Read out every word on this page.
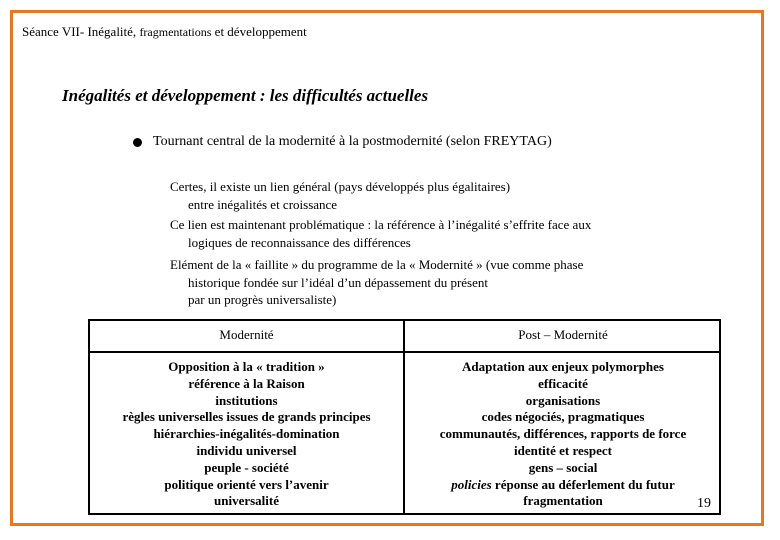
Séance VII- Inégalité, fragmentations et développement
Inégalités et développement : les difficultés actuelles
Tournant central de la modernité à la postmodernité (selon FREYTAG)
Certes, il existe un lien général (pays développés plus égalitaires)
entre inégalités et croissance
Ce lien est maintenant problématique : la référence à l’inégalité s’effrite face aux
logiques de reconnaissance des différences
Elément de la « faillite » du programme de la « Modernité » (vue comme phase
historique fondée sur l’idéal d’un dépassement du présent
par un progrès universaliste)
Modernité	Post – Modernité
Opposition à la « tradition »
référence à la Raison
institutions
règles universelles issues de grands principes
hiérarchies-inégalités-domination
individu universel
peuple - société
politique orienté vers l’avenir
universalité
Adaptation aux enjeux polymorphes
efficacité
organisations
codes négociés, pragmatiques
communautés, différences, rapports de force
identité et respect
gens – social
policies réponse au déferlement du futur
fragmentation	19
